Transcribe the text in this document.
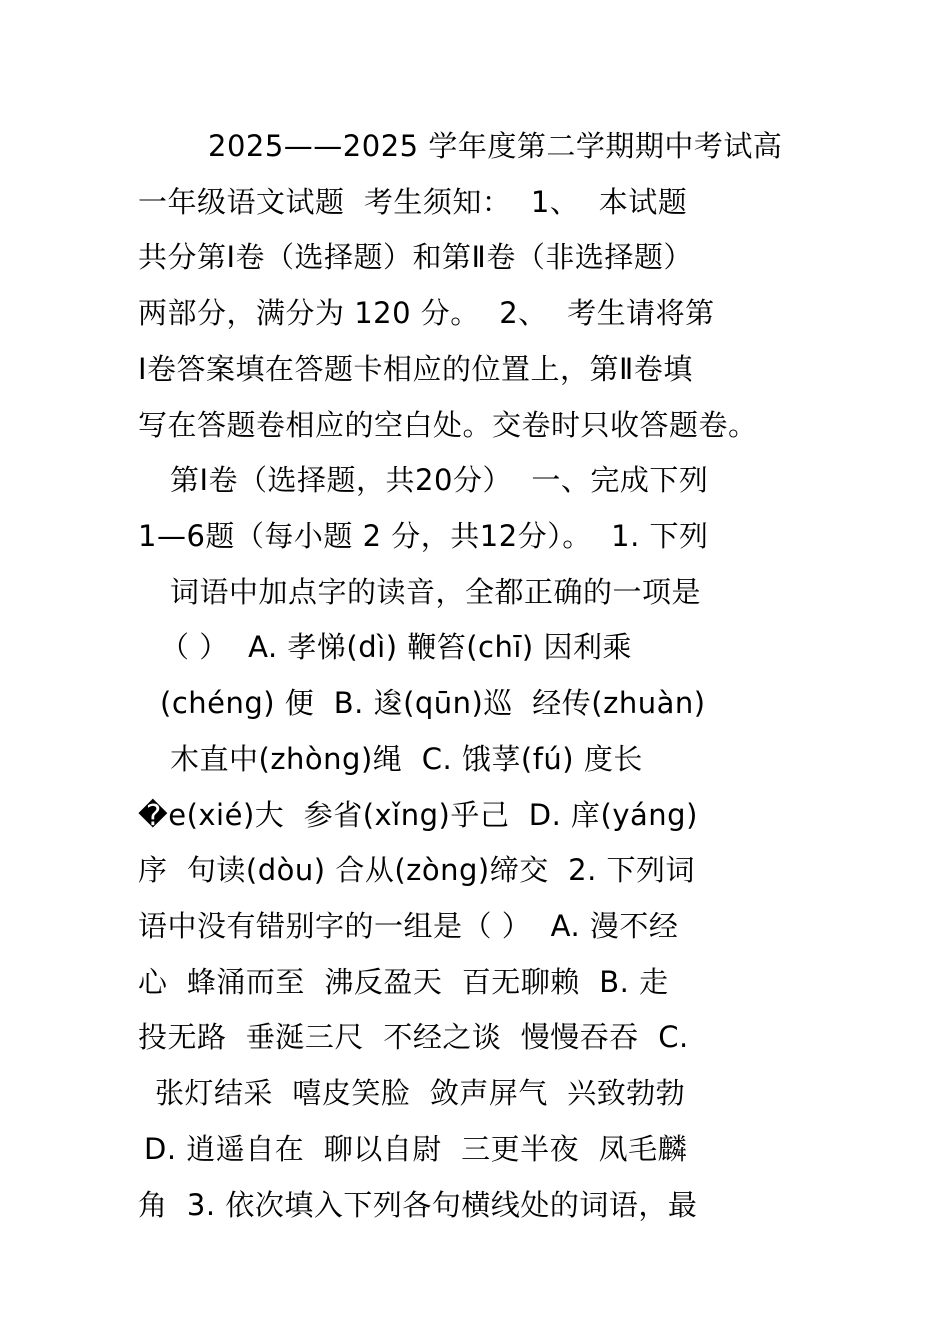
2025——2025 学年度第二学期期中考试高
一年级语文试题  考生须知：  1、  本试题
共分第Ⅰ卷（选择题）和第Ⅱ卷（非选择题）
两部分，满分为 120 分。  2、  考生请将第
Ⅰ卷答案填在答题卡相应的位置上，第Ⅱ卷填
写在答题卷相应的空白处。交卷时只收答题卷。
第Ⅰ卷（选择题，共20分）  一、完成下列
1—6题（每小题 2 分，共12分）。  1. 下列
词语中加点字的读音，全都正确的一项是
（ ）  A. 孝悌(dì) 鞭笞(chī) 因利乘
(chéng) 便  B. 逡(qūn)巡  经传(zhuàn)
木直中(zhòng)绳  C. 饿莩(fú) 度长
�e(xié)大  参省(xǐng)乎己  D. 庠(yáng)
序  句读(dòu) 合从(zòng)缔交  2. 下列词
语中没有错别字的一组是（ ）  A. 漫不经
心  蜂涌而至  沸反盈天  百无聊赖  B. 走
投无路  垂涎三尺  不经之谈  慢慢吞吞  C.
张灯结采  嘻皮笑脸  敛声屏气  兴致勃勃
D. 逍遥自在  聊以自尉  三更半夜  凤毛麟
角  3. 依次填入下列各句横线处的词语，最
